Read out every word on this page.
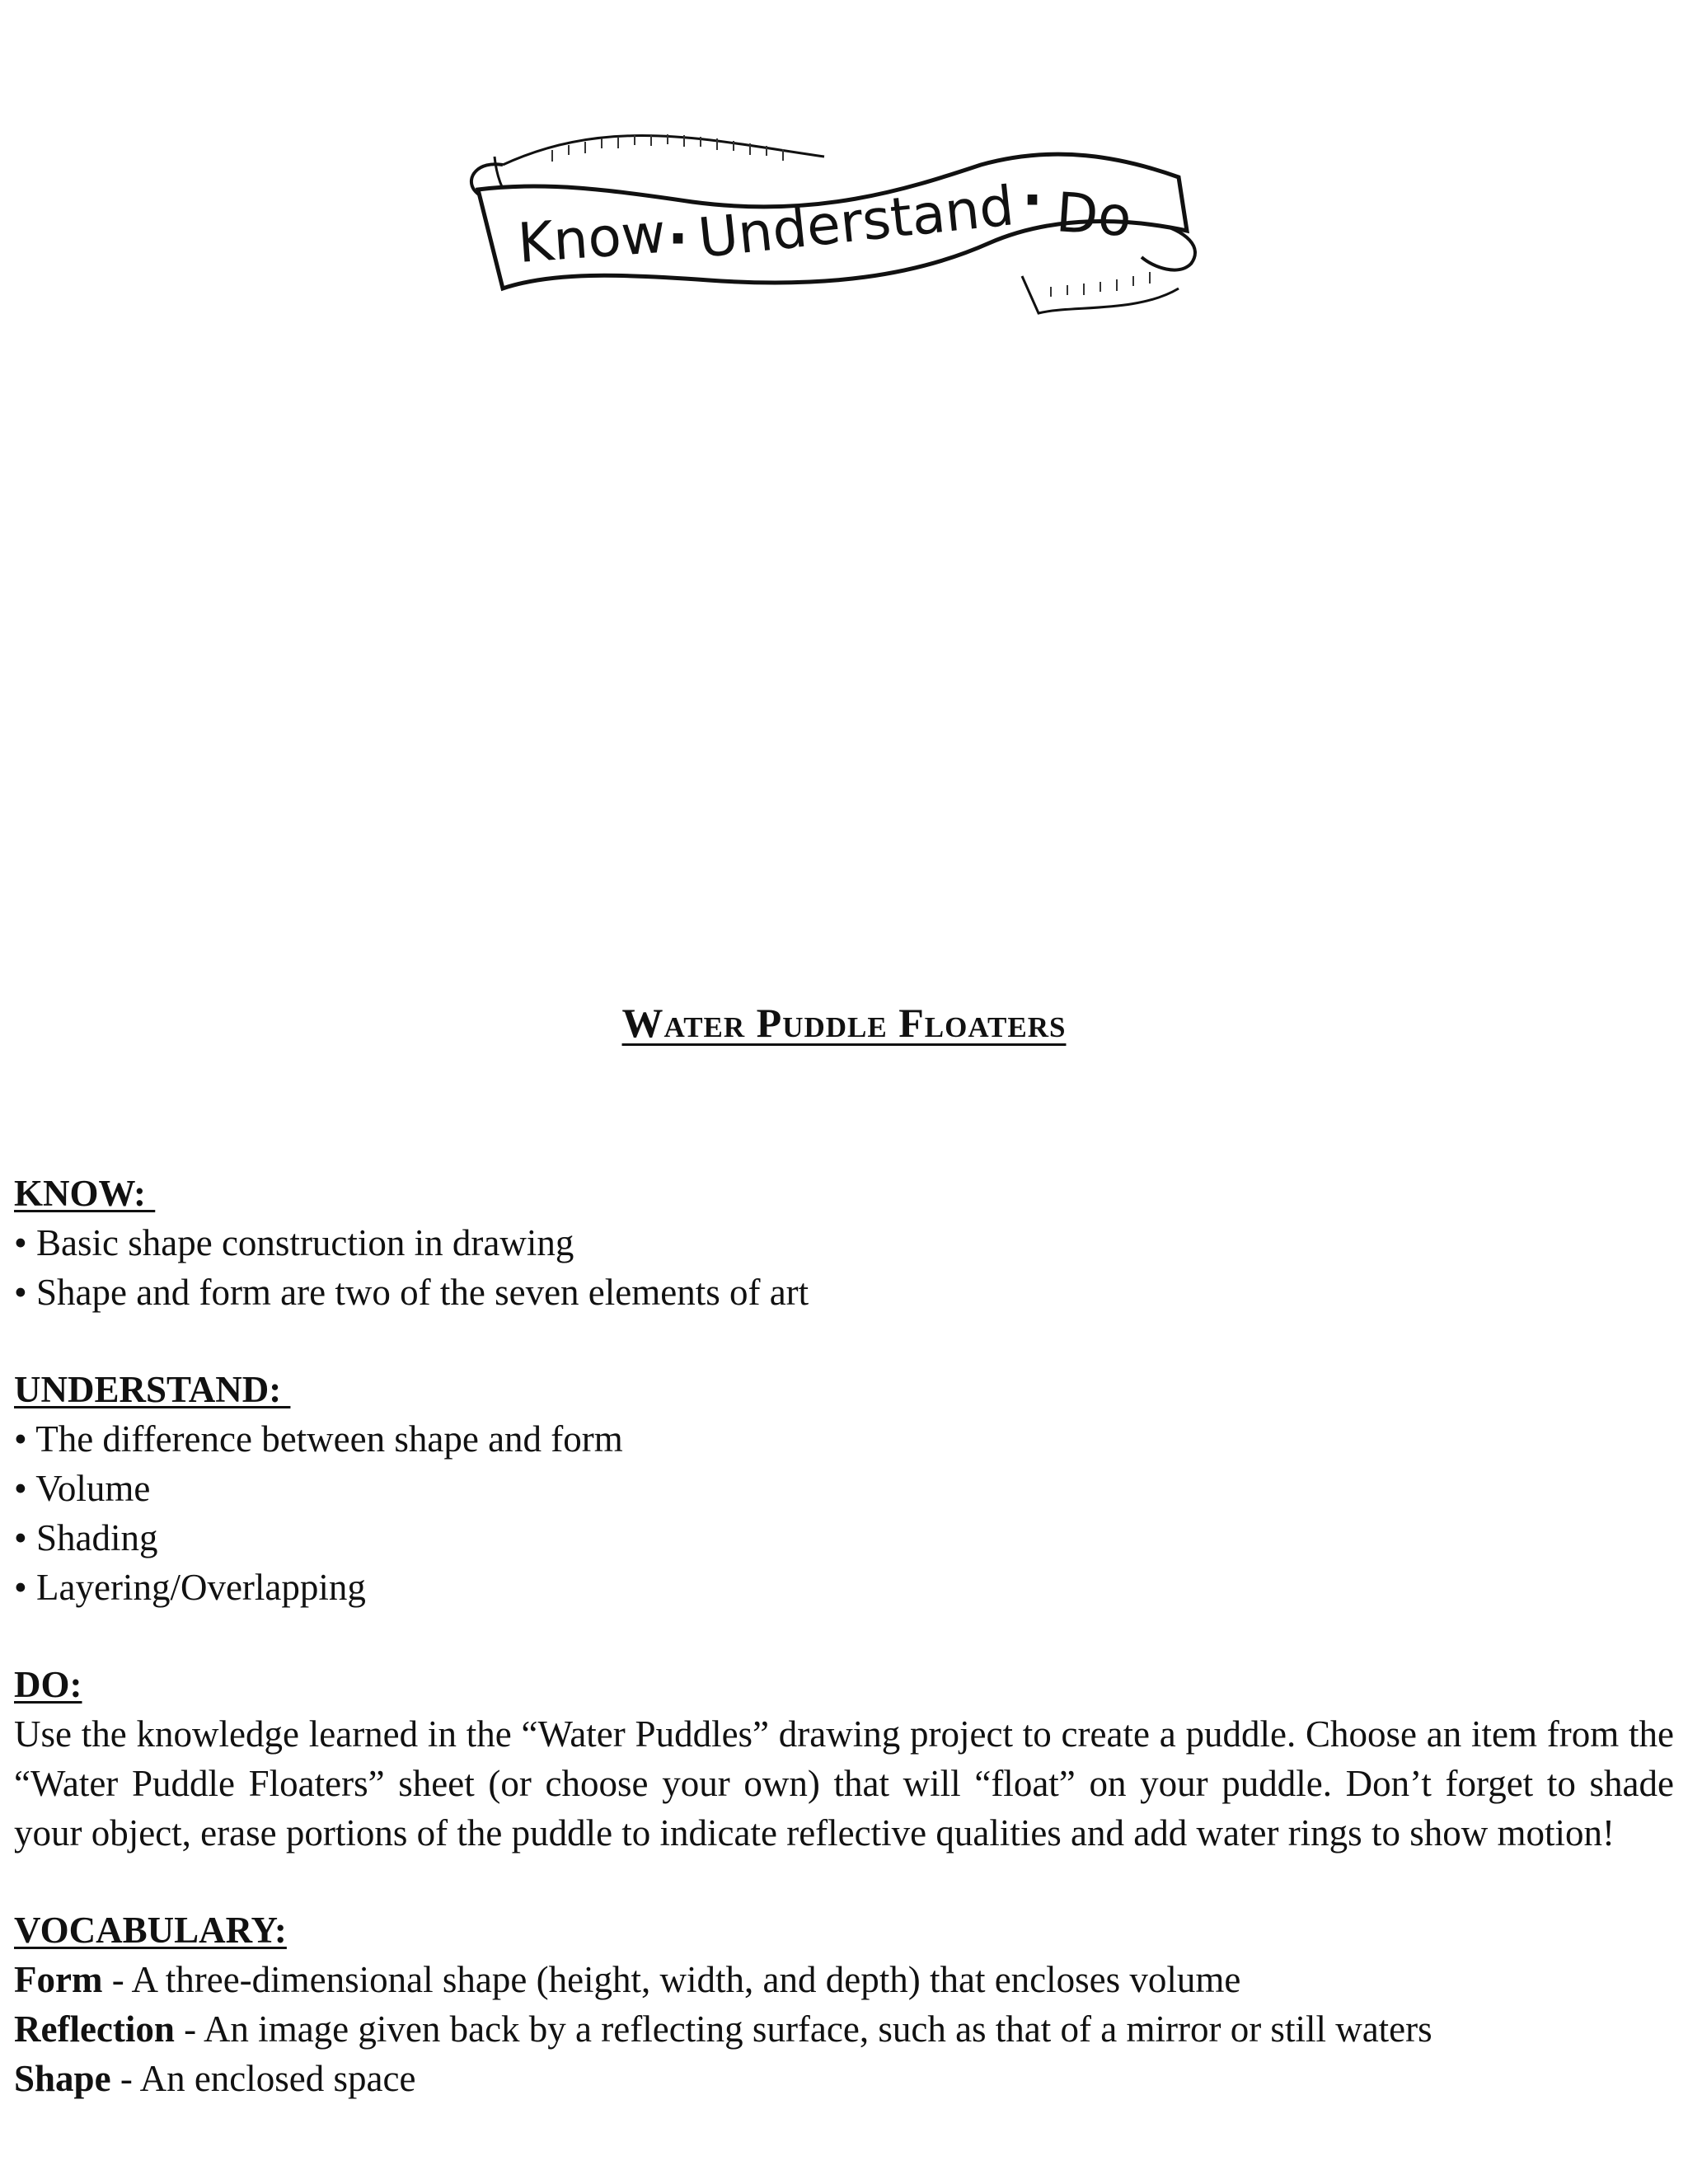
Know · Understand · Do
Water Puddle Floaters
KNOW:
• Basic shape construction in drawing
• Shape and form are two of the seven elements of art
UNDERSTAND:
• The difference between shape and form
• Volume
• Shading
• Layering/Overlapping
DO:
Use the knowledge learned in the “Water Puddles” drawing project to create a puddle. Choose an item from the “Water Puddle Floaters” sheet (or choose your own) that will “float” on your puddle. Don’t forget to shade your object, erase portions of the puddle to indicate reflective qualities and add water rings to show motion!
VOCABULARY:
Form - A three-dimensional shape (height, width, and depth) that encloses volume
Reflection - An image given back by a reflecting surface, such as that of a mirror or still waters
Shape - An enclosed space
